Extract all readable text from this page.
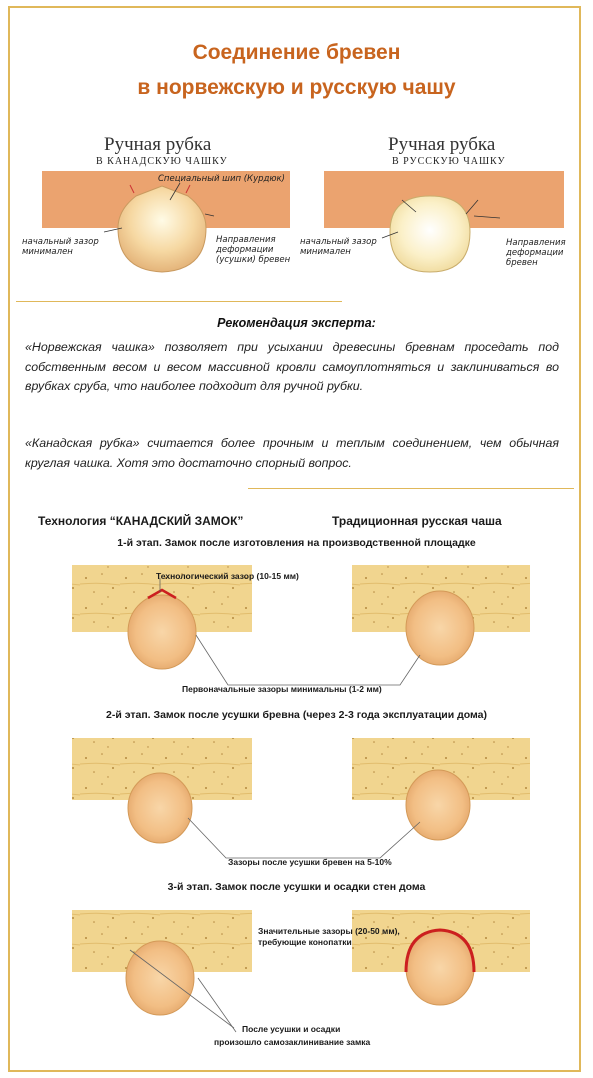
Соединение бревен
в норвежскую и русскую чашу
Ручная рубка
В КАНАДСКУЮ ЧАШКУ
Специальный шип (Курдюк)
начальный зазор минимален
Направления деформации (усушки) бревен
Ручная рубка
В РУССКУЮ ЧАШКУ
начальный зазор минимален
Направления деформации бревен
Рекомендация эксперта:
«Норвежская чашка» позволяет при усыхании древесины бревнам проседать под собственным весом и весом массивной кровли самоуплотняться и заклиниваться во врубках сруба, что наиболее подходит для ручной рубки.
«Канадская рубка» считается более прочным и теплым соединением, чем обычная круглая чашка. Хотя это достаточно спорный вопрос.
Технология “КАНАДСКИЙ ЗАМОК”	Традиционная русская чаша
1-й этап. Замок после изготовления на производственной площадке
Технологический зазор (10-15 мм)
Первоначальные зазоры минимальны (1-2 мм)
2-й этап. Замок после усушки бревна (через 2-3 года эксплуатации дома)
Зазоры после усушки бревен на 5-10%
3-й этап. Замок после усушки и осадки стен дома
Значительные зазоры (20-50 мм),
требующие конопатки
После усушки и осадки
произошло самозаклинивание замка
